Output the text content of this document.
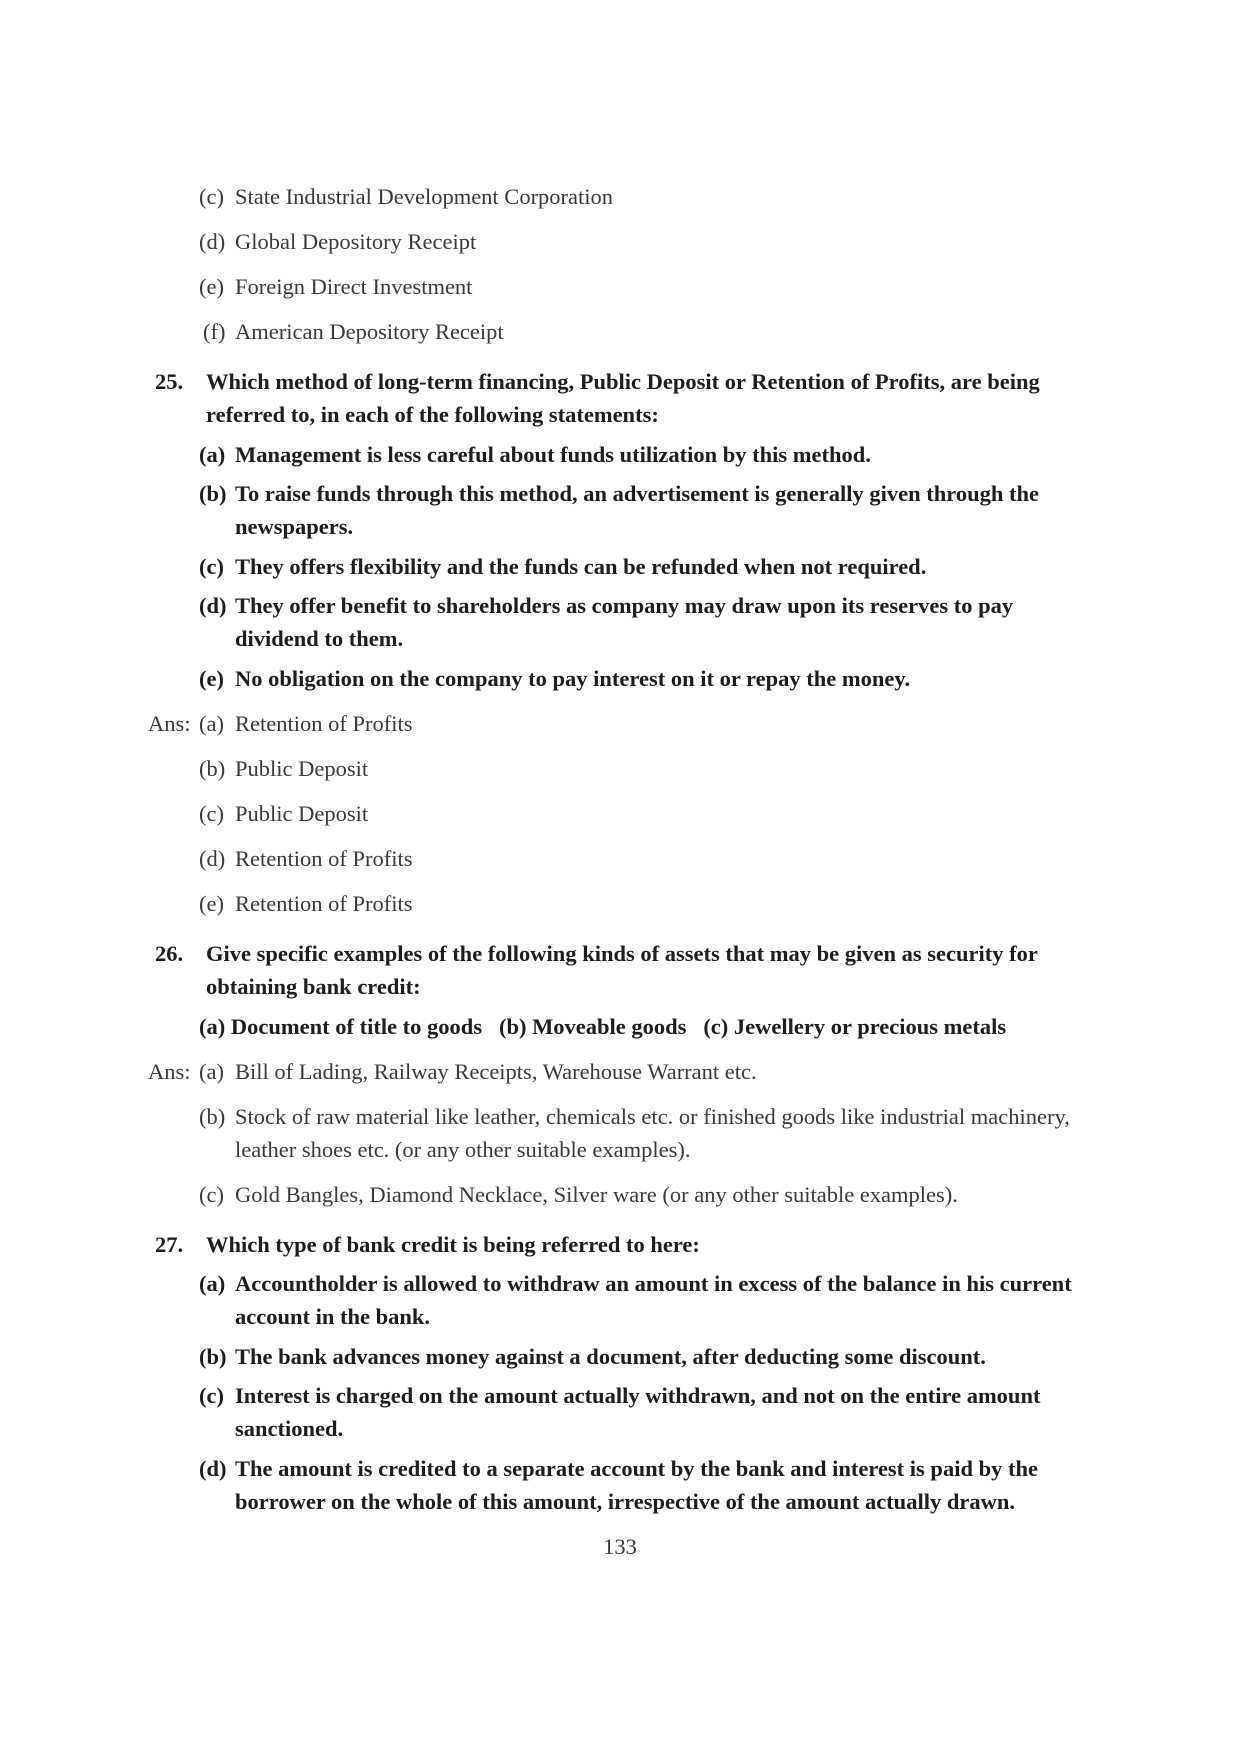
(c) State Industrial Development Corporation
(d) Global Depository Receipt
(e) Foreign Direct Investment
(f) American Depository Receipt
25. Which method of long-term financing, Public Deposit or Retention of Profits, are being referred to, in each of the following statements:
(a) Management is less careful about funds utilization by this method.
(b) To raise funds through this method, an advertisement is generally given through the newspapers.
(c) They offers flexibility and the funds can be refunded when not required.
(d) They offer benefit to shareholders as company may draw upon its reserves to pay dividend to them.
(e) No obligation on the company to pay interest on it or repay the money.
Ans: (a) Retention of Profits
(b) Public Deposit
(c) Public Deposit
(d) Retention of Profits
(e) Retention of Profits
26. Give specific examples of the following kinds of assets that may be given as security for obtaining bank credit:
(a) Document of title to goods   (b) Moveable goods   (c) Jewellery or precious metals
Ans: (a) Bill of Lading, Railway Receipts, Warehouse Warrant etc.
(b) Stock of raw material like leather, chemicals etc. or finished goods like industrial machinery, leather shoes etc. (or any other suitable examples).
(c) Gold Bangles, Diamond Necklace, Silver ware (or any other suitable examples).
27. Which type of bank credit is being referred to here:
(a) Accountholder is allowed to withdraw an amount in excess of the balance in his current account in the bank.
(b) The bank advances money against a document, after deducting some discount.
(c) Interest is charged on the amount actually withdrawn, and not on the entire amount sanctioned.
(d) The amount is credited to a separate account by the bank and interest is paid by the borrower on the whole of this amount, irrespective of the amount actually drawn.
133
